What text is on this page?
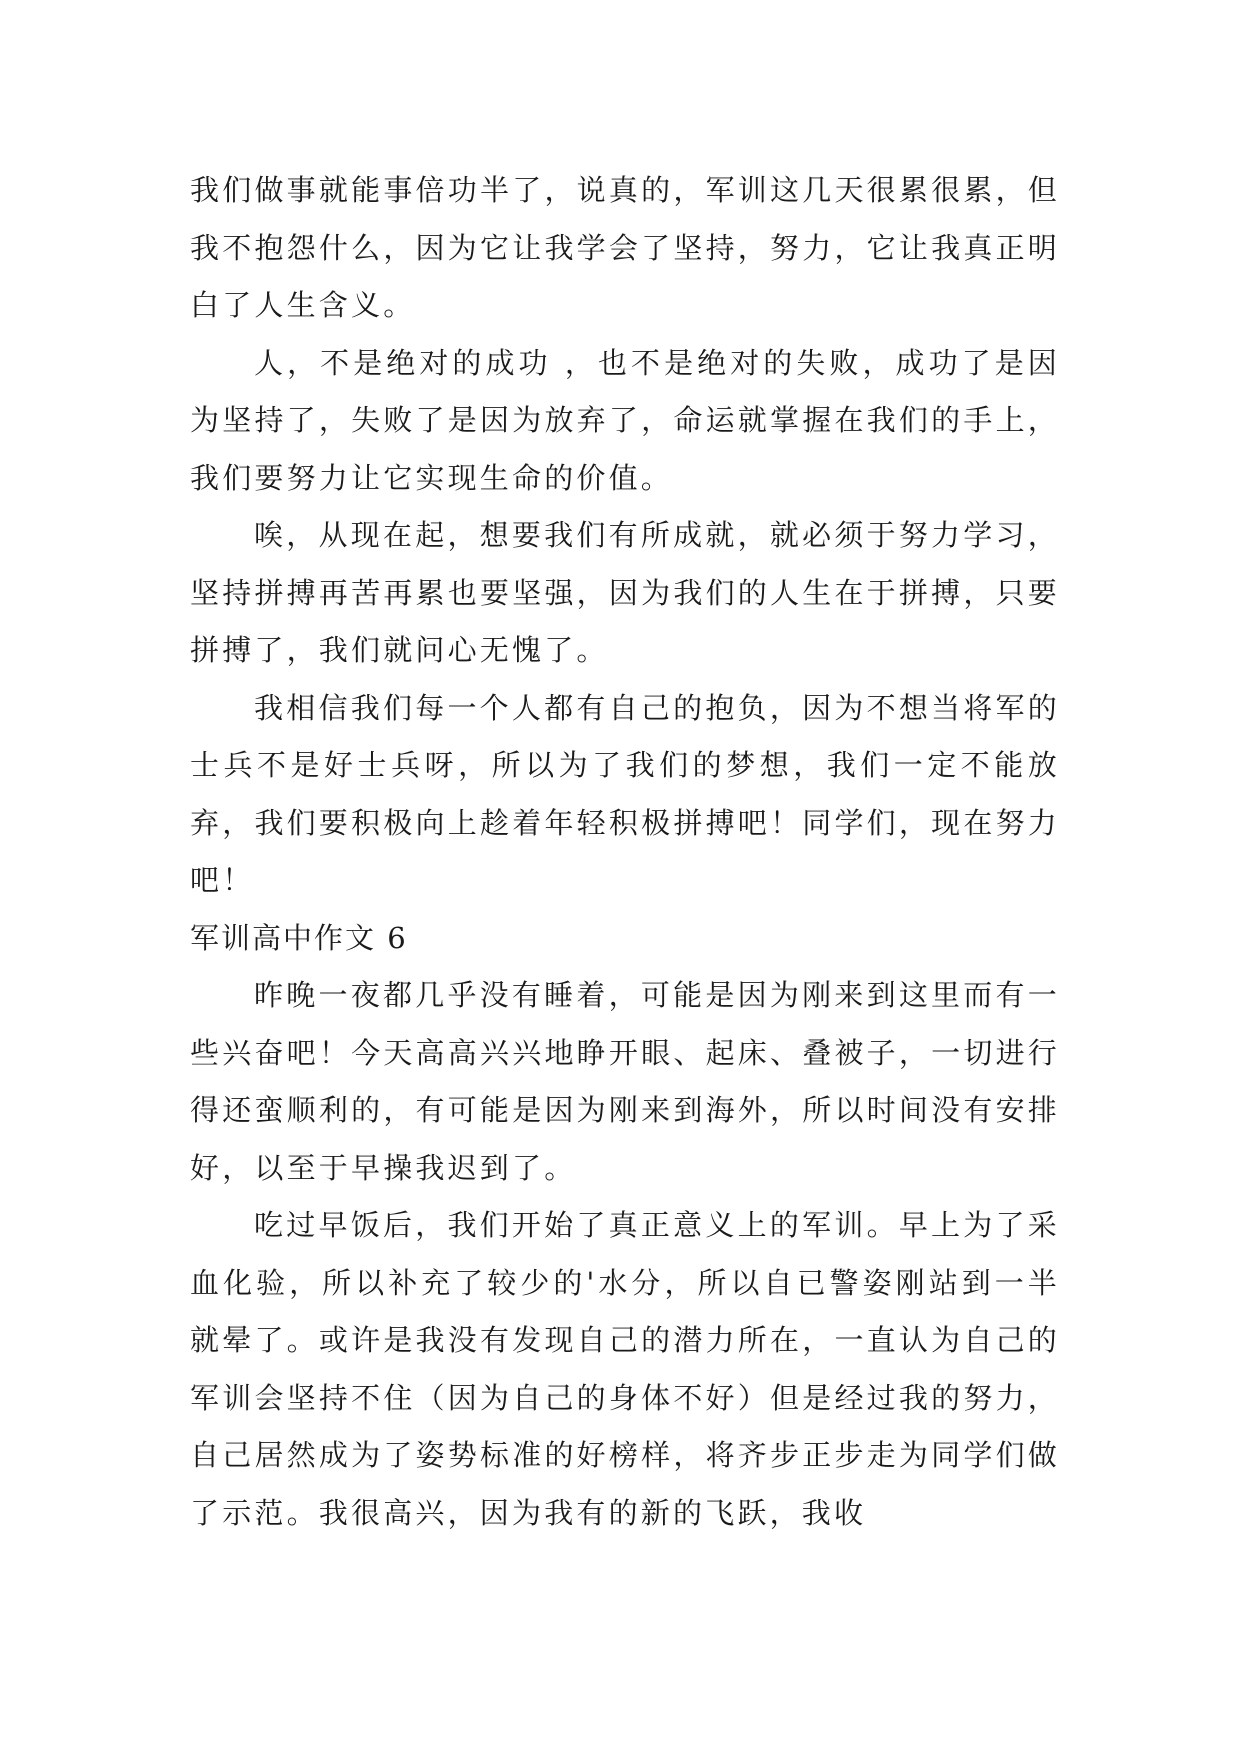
我们做事就能事倍功半了，说真的，军训这几天很累很累，但我不抱怨什么，因为它让我学会了坚持，努力，它让我真正明白了人生含义。

人，不是绝对的成功 ，也不是绝对的失败，成功了是因为坚持了，失败了是因为放弃了，命运就掌握在我们的手上，我们要努力让它实现生命的价值。

唉，从现在起，想要我们有所成就，就必须于努力学习，坚持拼搏再苦再累也要坚强，因为我们的人生在于拼搏，只要拼搏了，我们就问心无愧了。

我相信我们每一个人都有自己的抱负，因为不想当将军的士兵不是好士兵呀，所以为了我们的梦想，我们一定不能放弃，我们要积极向上趁着年轻积极拼搏吧！同学们，现在努力吧！

军训高中作文 6

昨晚一夜都几乎没有睡着，可能是因为刚来到这里而有一些兴奋吧！今天高高兴兴地睁开眼、起床、叠被子，一切进行得还蛮顺利的，有可能是因为刚来到海外，所以时间没有安排好，以至于早操我迟到了。

吃过早饭后，我们开始了真正意义上的军训。早上为了采血化验，所以补充了较少的'水分，所以自已警姿刚站到一半就晕了。或许是我没有发现自己的潜力所在，一直认为自己的军训会坚持不住（因为自己的身体不好）但是经过我的努力，自己居然成为了姿势标准的好榜样，将齐步正步走为同学们做了示范。我很高兴，因为我有的新的飞跃，我收
